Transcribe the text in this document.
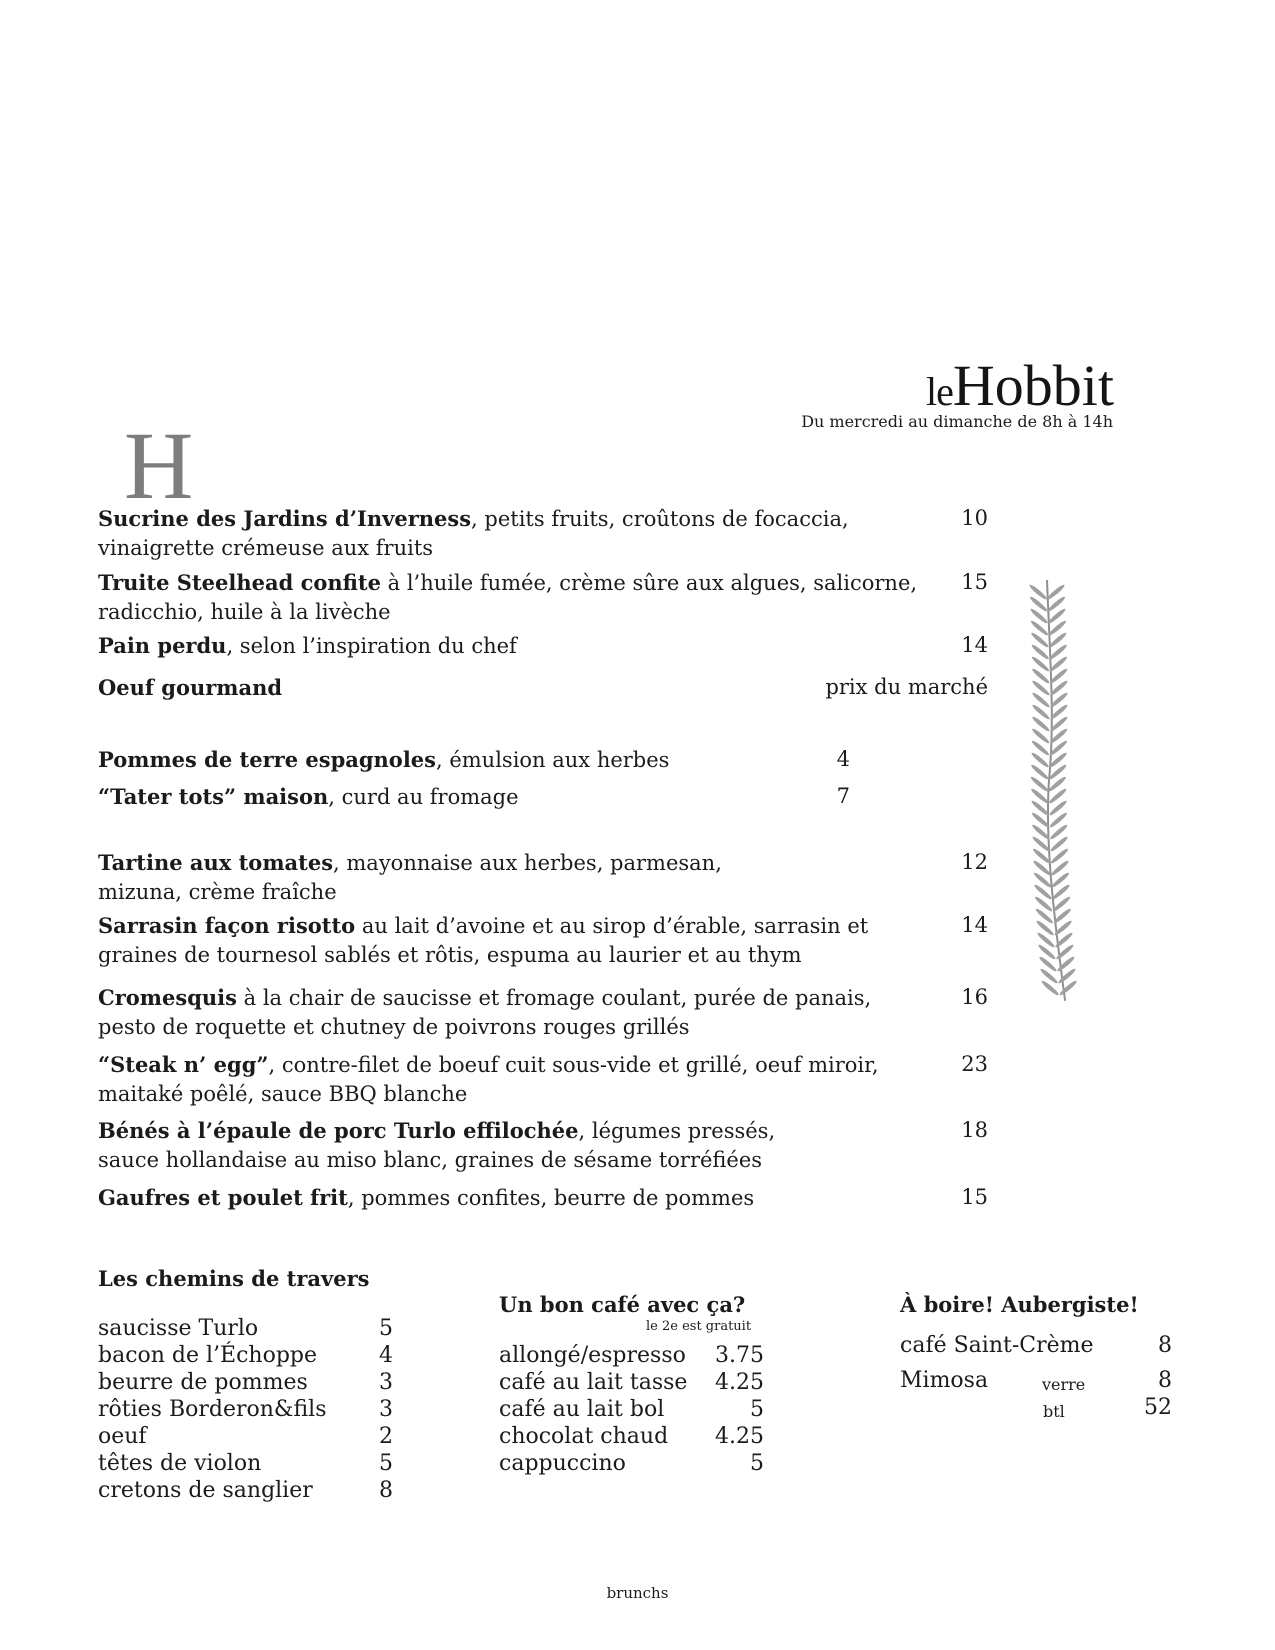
leHobbit
Du mercredi au dimanche de 8h à 14h
H
Sucrine des Jardins d’Inverness, petits fruits, croûtons de focaccia, vinaigrette crémeuse aux fruits
10
Truite Steelhead confite à l’huile fumée, crème sûre aux algues, salicorne, radicchio, huile à la livèche
15
Pain perdu, selon l’inspiration du chef	14
Oeuf gourmand	prix du marché
Pommes de terre espagnoles, émulsion aux herbes	4
“Tater tots” maison, curd au fromage	7
Tartine aux tomates, mayonnaise aux herbes, parmesan, mizuna, crème fraîche
12
Sarrasin façon risotto au lait d’avoine et au sirop d’érable, sarrasin et graines de tournesol sablés et rôtis, espuma au laurier et au thym
14
Cromesquis à la chair de saucisse et fromage coulant, purée de panais, pesto de roquette et chutney de poivrons rouges grillés
16
“Steak n’ egg”, contre-filet de boeuf cuit sous-vide et grillé, oeuf miroir, maitaké poêlé, sauce BBQ blanche
23
Bénés à l’épaule de porc Turlo effilochée, légumes pressés, sauce hollandaise au miso blanc, graines de sésame torréfiées
18
Gaufres et poulet frit, pommes confites, beurre de pommes	15
Les chemins de travers
saucisse Turlo	5
bacon de l’Échoppe	4
beurre de pommes	3
rôties Borderon&fils 3
oeuf	2
têtes de violon	5
cretons de sanglier	8
Un bon café avec ça?
le 2e est gratuit
allongé/espresso 3.75
café au lait tasse 4.25
café au lait bol	5
chocolat chaud 4.25
cappuccino	5
À boire! Aubergiste!
café Saint-Crème	8
Mimosa	verre	8
btl	52
brunchs
